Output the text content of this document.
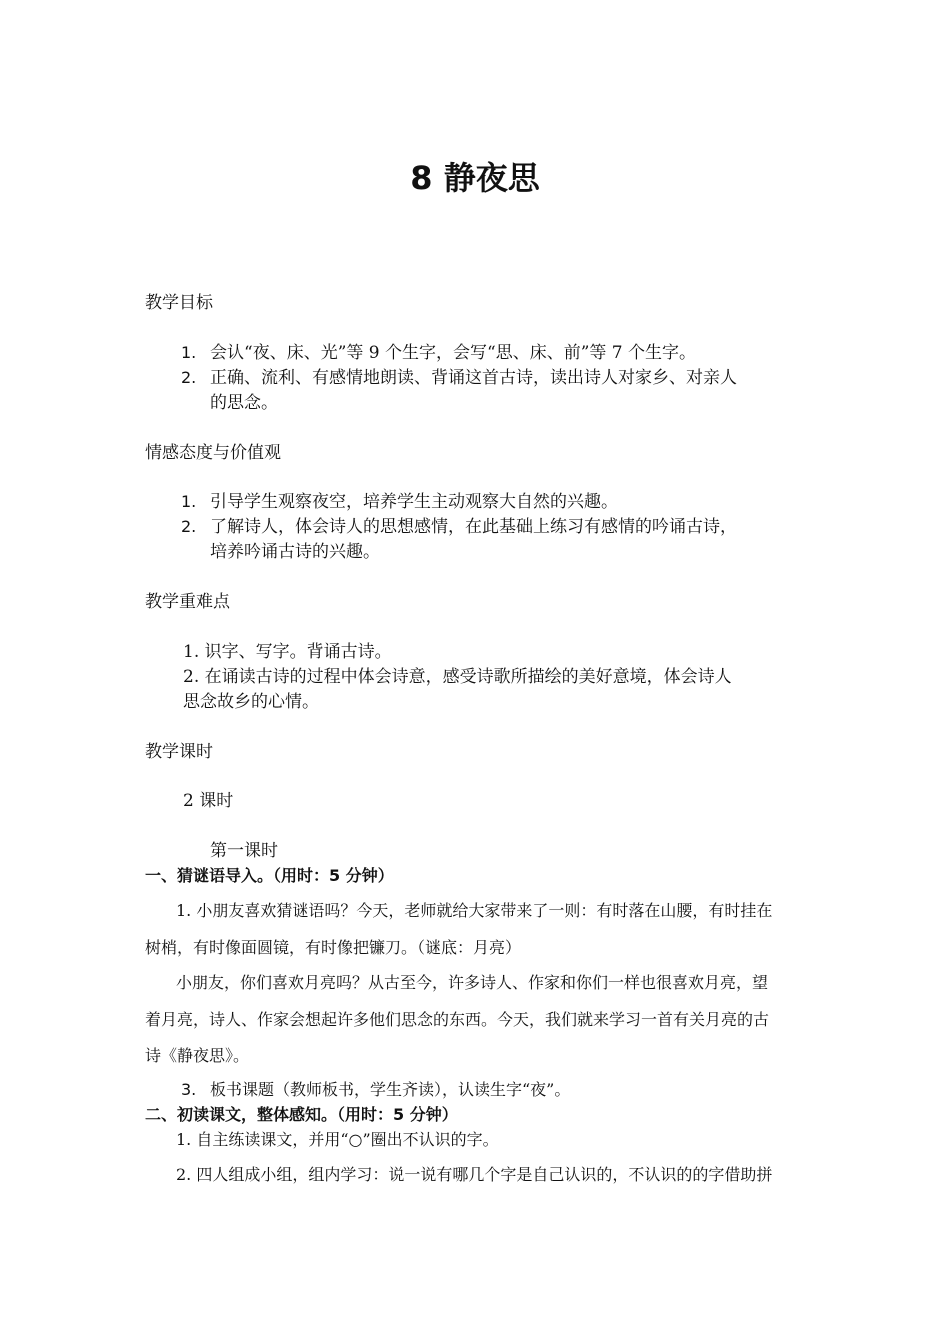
8 静夜思
教学目标
1. 会认“夜、床、光”等 9 个生字，会写“思、床、前”等 7 个生字。
2. 正确、流利、有感情地朗读、背诵这首古诗，读出诗人对家乡、对亲人
的思念。
情感态度与价值观
1. 引导学生观察夜空，培养学生主动观察大自然的兴趣。
2. 了解诗人，体会诗人的思想感情，在此基础上练习有感情的吟诵古诗，
培养吟诵古诗的兴趣。
教学重难点
1. 识字、写字。背诵古诗。
2. 在诵读古诗的过程中体会诗意，感受诗歌所描绘的美好意境，体会诗人
思念故乡的心情。
教学课时
2 课时
第一课时
一、猜谜语导入。（用时：5 分钟）
1. 小朋友喜欢猜谜语吗？今天，老师就给大家带来了一则：有时落在山腰，有时挂在
树梢，有时像面圆镜，有时像把镰刀。（谜底：月亮）
小朋友，你们喜欢月亮吗？从古至今，许多诗人、作家和你们一样也很喜欢月亮，望
着月亮，诗人、作家会想起许多他们思念的东西。今天，我们就来学习一首有关月亮的古
诗《静夜思》。
3. 板书课题（教师板书，学生齐读），认读生字“夜”。
二、初读课文，整体感知。（用时：5 分钟）
1. 自主练读课文，并用“○”圈出不认识的字。
2. 四人组成小组，组内学习：说一说有哪几个字是自己认识的，不认识的的字借助拼
